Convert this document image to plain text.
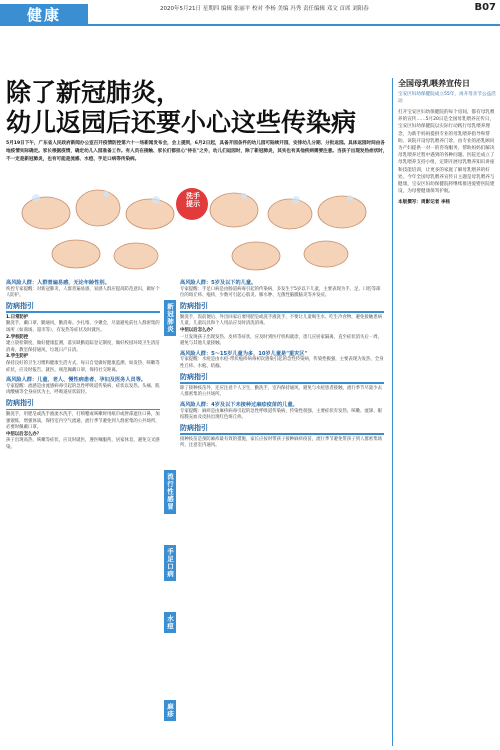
健康	2020年5月21日 星期四 编辑 张丽平 校对 李杨 美编 冯秀 责任编辑 邓文 首席 刘阳春	B07
除了新冠肺炎，
幼儿返园后还要小心这些传染病
5月19日下午，广东省人民政府新闻办公室召开疫情防控第六十一场新闻发布会，会上提到，6月2日起，具备开园条件的幼儿园可陆续开园，安排幼儿分期、分批返园。具体返园时间由各地疫情实际确定。家长根据疫情，确定幼儿入园准备工作。有人员在接触、家长们都担心"待在"之外，幼儿们返园时，除了新冠肺炎，其实也有其他疾病需要注意。当孩子出现发热症状时，不一定是新冠肺炎，也有可能是流感、水痘、手足口病等传染病。
洗手
提示
高风险人群：人群普遍易感，无论年龄性别。
疾控专家提醒：对新冠肺炎，人群普遍易感，易感人群应提高防范意识，做好个人防护。
防病指引
1.日常防护
勤洗手，戴口罩，勤通风，勤消毒。少扎堆、少聚会，尽量避免前往人群密集的场所（如商场、超市等），有发热等症状及时就医。
2.学校防控
建立晨检制度，做好健康监测，落实缺勤追踪登记制度，做好校园环境卫生清洁消毒，教室保持通风，垃圾日产日清。
3.学生防护
保持良好的卫生习惯和健康生活方式，每日自觉做好健康监测，如发热、咳嗽等症状，应及时报告，就医。规范佩戴口罩，保持社交距离。
高风险人群：儿童、老人、慢性病患者、孕妇及医务人员等。
专家提醒：流感是由流感病毒引起的急性呼吸道传染病，症状以发热、头痛、肌肉酸痛等全身症状为主，呼吸道症状较轻。
防病指引
勤洗手，用肥皂或洗手液流水洗手，打喷嚏或咳嗽时用纸巾或肘部遮住口鼻，加强锻炼，增强体质，保持室内空气流通，流行季节避免到人群密集的公共场所，必要时佩戴口罩。
中招以后怎么办？
孩子出现高热、咳嗽等症状，应及时就医，遵医嘱服药，居家休息，避免交叉感染。
新冠肺炎
流行性感冒
手足口病
水痘
麻疹
高风险人群：5岁及以下的儿童。
专家提醒：手足口病是由肠道病毒引起的传染病，多发生于5岁以下儿童，主要表现为手、足、口腔等部位的斑丘疹、疱疹，少数可引起心肌炎、肺水肿、无菌性脑膜脑炎等并发症。
防病指引
勤洗手，饭前便后、外出回家后要用肥皂或洗手液洗手，不要让儿童喝生水、吃生冷食物，避免接触患病儿童，儿童玩具和个人用品应及时清洗消毒。
中招以后怎么办？
一旦发现孩子出现发热、皮疹等症状，应及时到医疗机构就诊，患儿应居家隔离，直至症状消失后一周，避免与其他儿童接触。
高风险人群：5～15岁儿童为多，10岁儿童是"重灾区"
专家提醒：水痘是由水痘-带状疱疹病毒初次感染引起的急性传染病，传染性极强，主要表现为发热、全身性丘疹、水疱、结痂。
防病指引
除了接种疫苗外，还应注意个人卫生，勤洗手，室内保持通风，避免与水痘患者接触，流行季节尽量少去人群密集的公共场所。
高风险人群：4岁及以下未接种过麻疹疫苗的儿童。
专家提醒：麻疹是由麻疹病毒引起的急性呼吸道传染病，传染性很强，主要症状有发热、咳嗽、流涕、眼结膜充血及皮肤出现红色斑丘疹。
防病指引
接种疫苗是预防麻疹最有效的措施，家长应按时带孩子接种麻疹疫苗，流行季节避免带孩子到人群密集场所，注意室内通风。
全国母乳喂养宣传日
宝安区妇幼保健院成立55年，再开母亲节公益活动
打开宝安区妇幼保健院的每个房间，都有母乳喂养的宣传……5月20日是全国母乳喂养宣传日，宝安区妇幼保健院以实际行动践行母乳喂养理念，为新手妈妈提供专业的母乳喂养指导和帮助。该院开设母乳喂养门诊，由专业的泌乳顾问为产妇提供一对一的咨询服务，帮助妈妈们解决母乳喂养过程中遇到的各种问题。医院还成立了母乳喂养支持小组，定期开展母乳喂养知识讲座和技能培训，让更多的家庭了解母乳喂养的好处。今年全国母乳喂养宣传日主题是母乳喂养与健康，宝安区妇幼保健院将继续推进爱婴医院建设，为母婴健康保驾护航。
本版撰写：周影记者 李杨
